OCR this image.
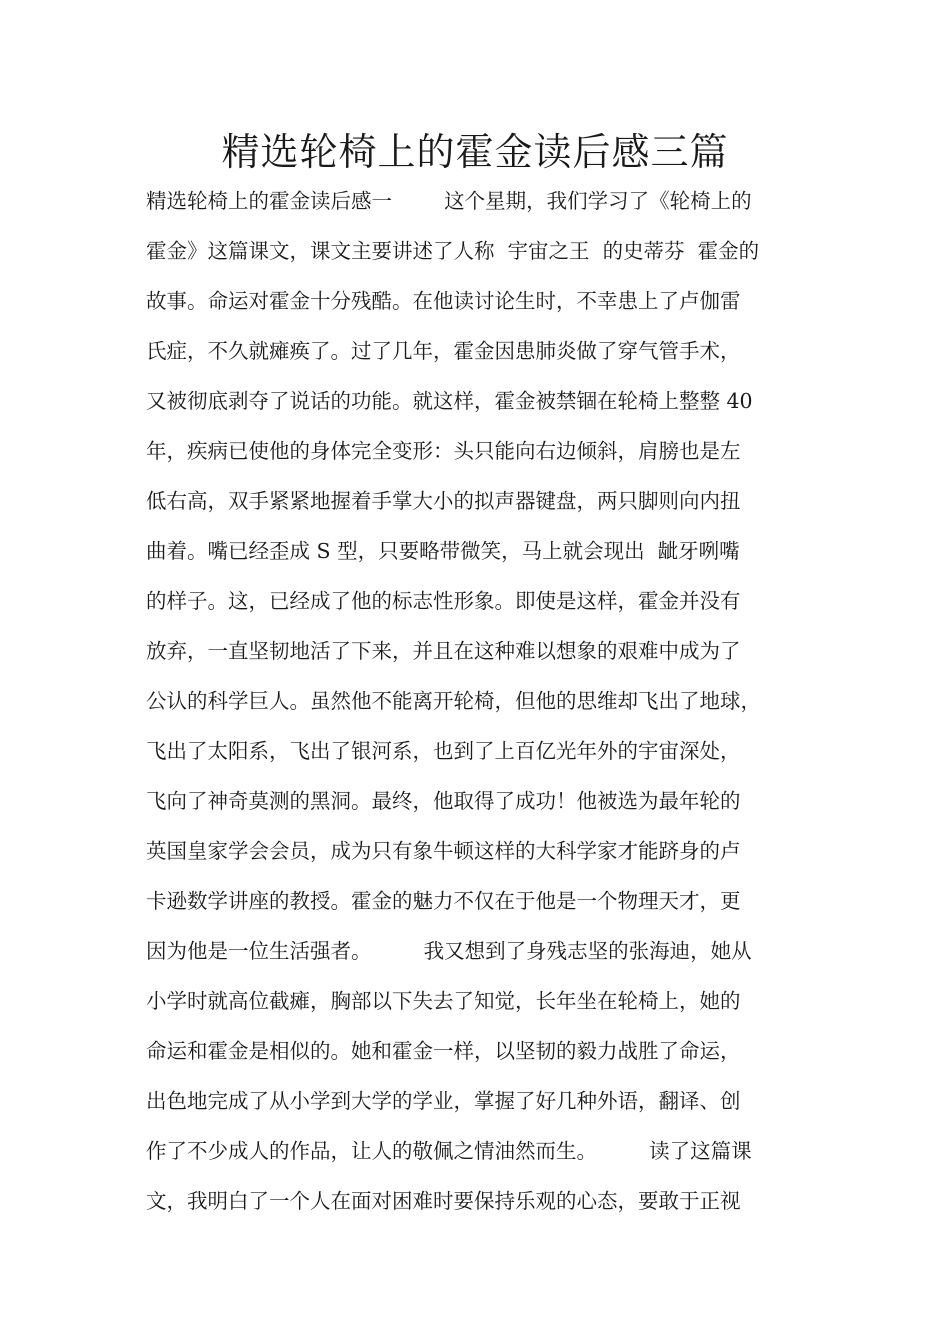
精选轮椅上的霍金读后感三篇
精选轮椅上的霍金读后感一        这个星期，我们学习了《轮椅上的
霍金》这篇课文，课文主要讲述了人称  宇宙之王  的史蒂芬  霍金的
故事。命运对霍金十分残酷。在他读讨论生时，不幸患上了卢伽雷
氏症，不久就瘫痪了。过了几年，霍金因患肺炎做了穿气管手术，
又被彻底剥夺了说话的功能。就这样，霍金被禁锢在轮椅上整整 40
年，疾病已使他的身体完全变形：头只能向右边倾斜，肩膀也是左
低右高，双手紧紧地握着手掌大小的拟声器键盘，两只脚则向内扭
曲着。嘴已经歪成 S 型，只要略带微笑，马上就会现出  龇牙咧嘴
的样子。这，已经成了他的标志性形象。即使是这样，霍金并没有
放弃，一直坚韧地活了下来，并且在这种难以想象的艰难中成为了
公认的科学巨人。虽然他不能离开轮椅，但他的思维却飞出了地球，
飞出了太阳系，飞出了银河系，也到了上百亿光年外的宇宙深处，
飞向了神奇莫测的黑洞。最终，他取得了成功！他被选为最年轮的
英国皇家学会会员，成为只有象牛顿这样的大科学家才能跻身的卢
卡逊数学讲座的教授。霍金的魅力不仅在于他是一个物理天才，更
因为他是一位生活强者。        我又想到了身残志坚的张海迪，她从
小学时就高位截瘫，胸部以下失去了知觉，长年坐在轮椅上，她的
命运和霍金是相似的。她和霍金一样，以坚韧的毅力战胜了命运，
出色地完成了从小学到大学的学业，掌握了好几种外语，翻译、创
作了不少成人的作品，让人的敬佩之情油然而生。        读了这篇课
文，我明白了一个人在面对困难时要保持乐观的心态，要敢于正视
